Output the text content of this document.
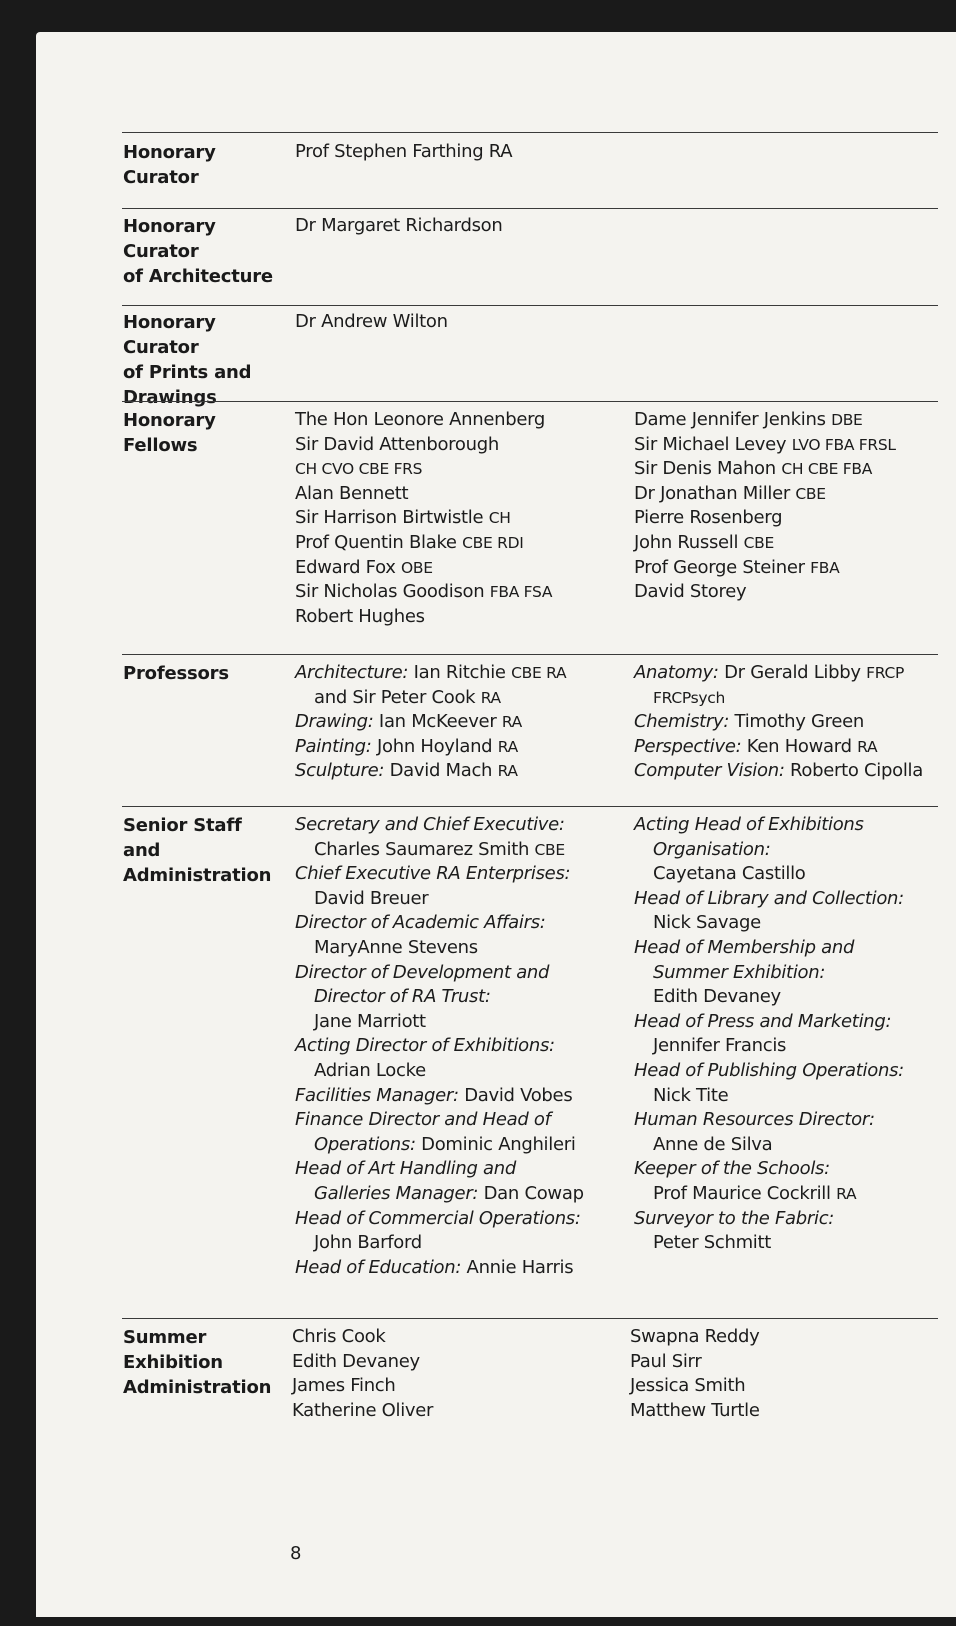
Honorary Curator
Prof Stephen Farthing RA
Honorary Curator
of Architecture
Dr Margaret Richardson
Honorary Curator
of Prints and
Drawings
Dr Andrew Wilton
Honorary
Fellows
The Hon Leonore Annenberg
Sir David Attenborough
CH CVO CBE FRS
Alan Bennett
Sir Harrison Birtwistle CH
Prof Quentin Blake CBE RDI
Edward Fox OBE
Sir Nicholas Goodison FBA FSA
Robert Hughes
Dame Jennifer Jenkins DBE
Sir Michael Levey LVO FBA FRSL
Sir Denis Mahon CH CBE FBA
Dr Jonathan Miller CBE
Pierre Rosenberg
John Russell CBE
Prof George Steiner FBA
David Storey
Professors	Architecture: Ian Ritchie CBE RA
and Sir Peter Cook RA
Drawing: Ian McKeever RA
Painting: John Hoyland RA
Sculpture: David Mach RA
Anatomy: Dr Gerald Libby FRCP
FRCPsych
Chemistry: Timothy Green
Perspective: Ken Howard RA
Computer Vision: Roberto Cipolla
Senior Staff
and
Administration
Secretary and Chief Executive:
Charles Saumarez Smith CBE
Chief Executive RA Enterprises:
David Breuer
Director of Academic Affairs:
MaryAnne Stevens
Director of Development and
Director of RA Trust:
Jane Marriott
Acting Director of Exhibitions:
Adrian Locke
Facilities Manager: David Vobes
Finance Director and Head of
Operations: Dominic Anghileri
Head of Art Handling and
Galleries Manager: Dan Cowap
Head of Commercial Operations:
John Barford
Head of Education: Annie Harris
Acting Head of Exhibitions
Organisation:
Cayetana Castillo
Head of Library and Collection:
Nick Savage
Head of Membership and
Summer Exhibition:
Edith Devaney
Head of Press and Marketing:
Jennifer Francis
Head of Publishing Operations:
Nick Tite
Human Resources Director:
Anne de Silva
Keeper of the Schools:
Prof Maurice Cockrill RA
Surveyor to the Fabric:
Peter Schmitt
Summer
Exhibition
Administration
Chris Cook
Edith Devaney
James Finch
Katherine Oliver
Swapna Reddy
Paul Sirr
Jessica Smith
Matthew Turtle
8
